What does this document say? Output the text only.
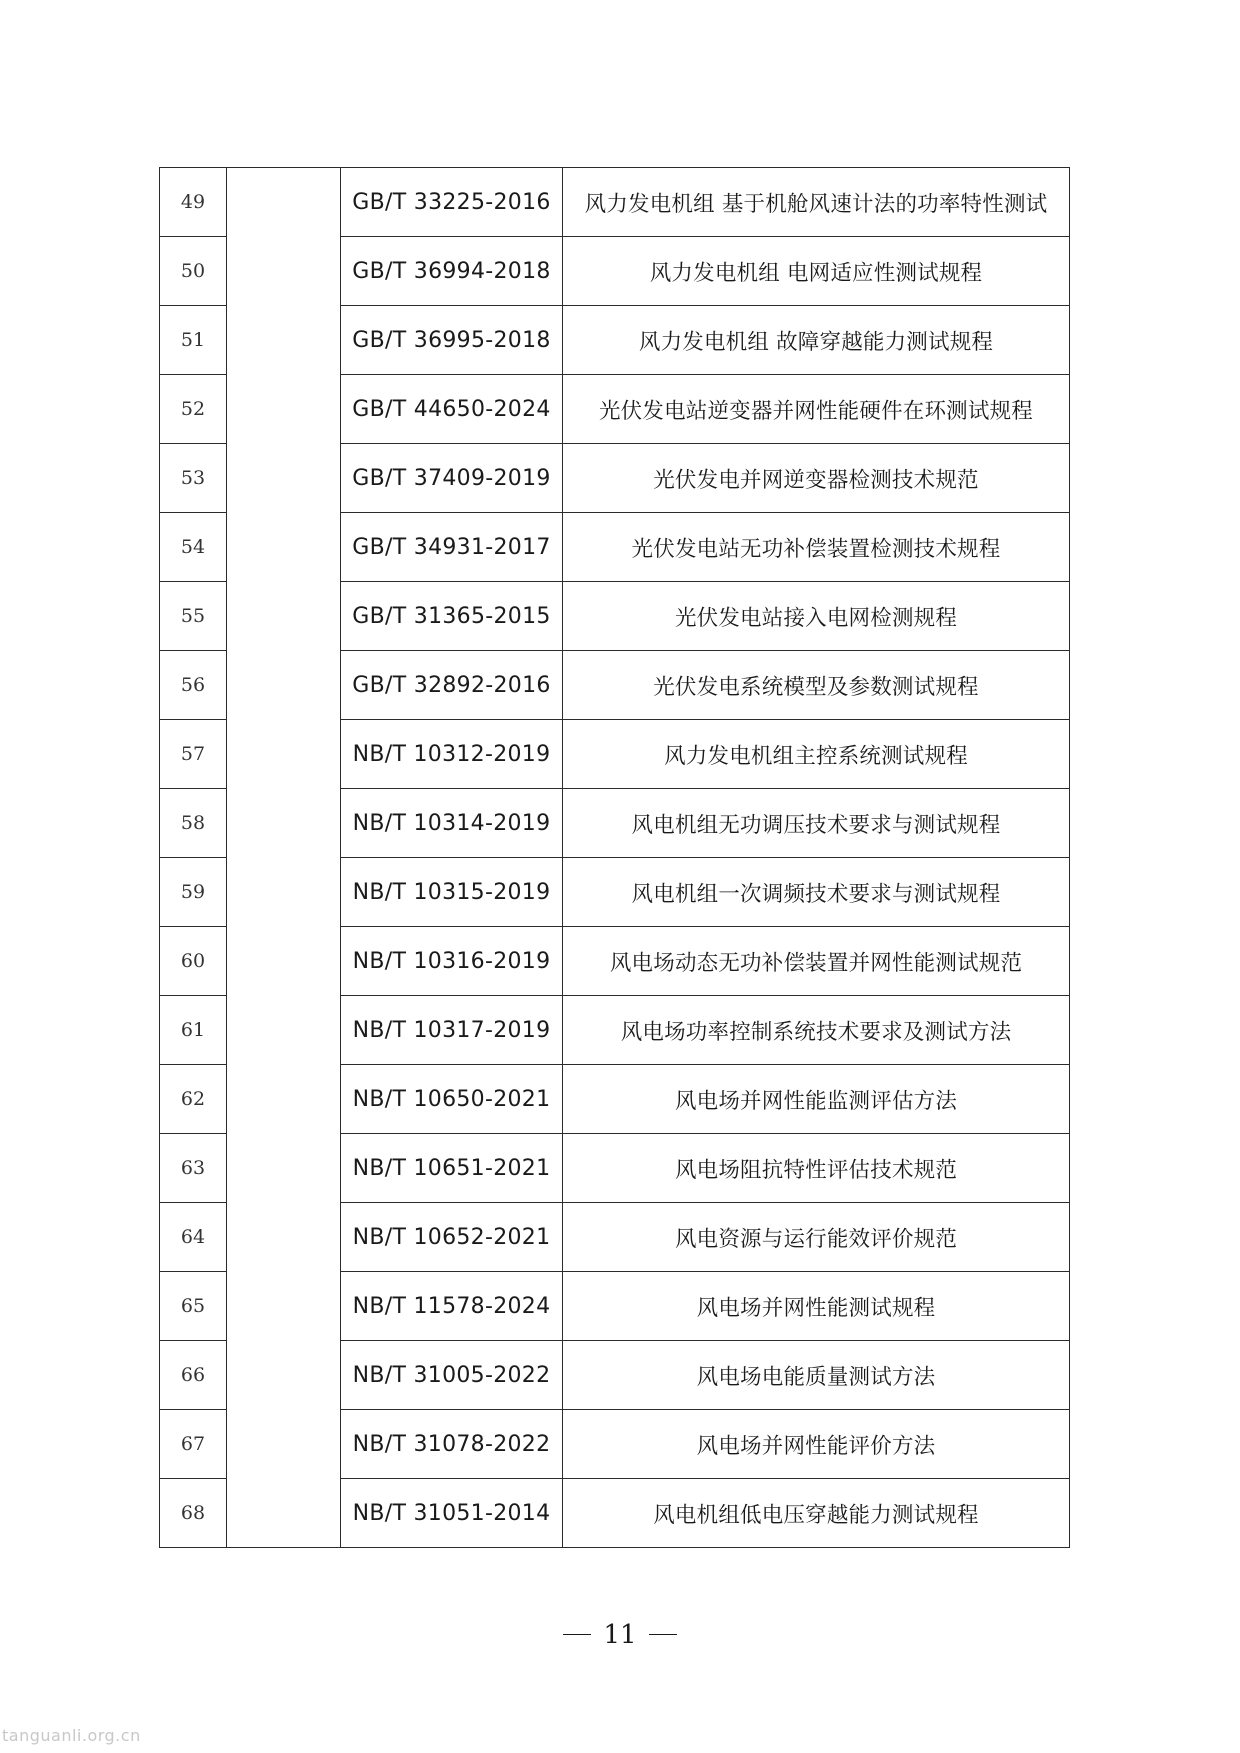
49		GB/T 33225-2016	风力发电机组 基于机舱风速计法的功率特性测试
50		GB/T 36994-2018	风力发电机组 电网适应性测试规程
51		GB/T 36995-2018	风力发电机组 故障穿越能力测试规程
52		GB/T 44650-2024	光伏发电站逆变器并网性能硬件在环测试规程
53		GB/T 37409-2019	光伏发电并网逆变器检测技术规范
54		GB/T 34931-2017	光伏发电站无功补偿装置检测技术规程
55		GB/T 31365-2015	光伏发电站接入电网检测规程
56		GB/T 32892-2016	光伏发电系统模型及参数测试规程
57		NB/T 10312-2019	风力发电机组主控系统测试规程
58		NB/T 10314-2019	风电机组无功调压技术要求与测试规程
59		NB/T 10315-2019	风电机组一次调频技术要求与测试规程
60		NB/T 10316-2019	风电场动态无功补偿装置并网性能测试规范
61		NB/T 10317-2019	风电场功率控制系统技术要求及测试方法
62		NB/T 10650-2021	风电场并网性能监测评估方法
63		NB/T 10651-2021	风电场阻抗特性评估技术规范
64		NB/T 10652-2021	风电资源与运行能效评价规范
65		NB/T 11578-2024	风电场并网性能测试规程
66		NB/T 31005-2022	风电场电能质量测试方法
67		NB/T 31078-2022	风电场并网性能评价方法
68		NB/T 31051-2014	风电机组低电压穿越能力测试规程
11
tanguanli.org.cn
